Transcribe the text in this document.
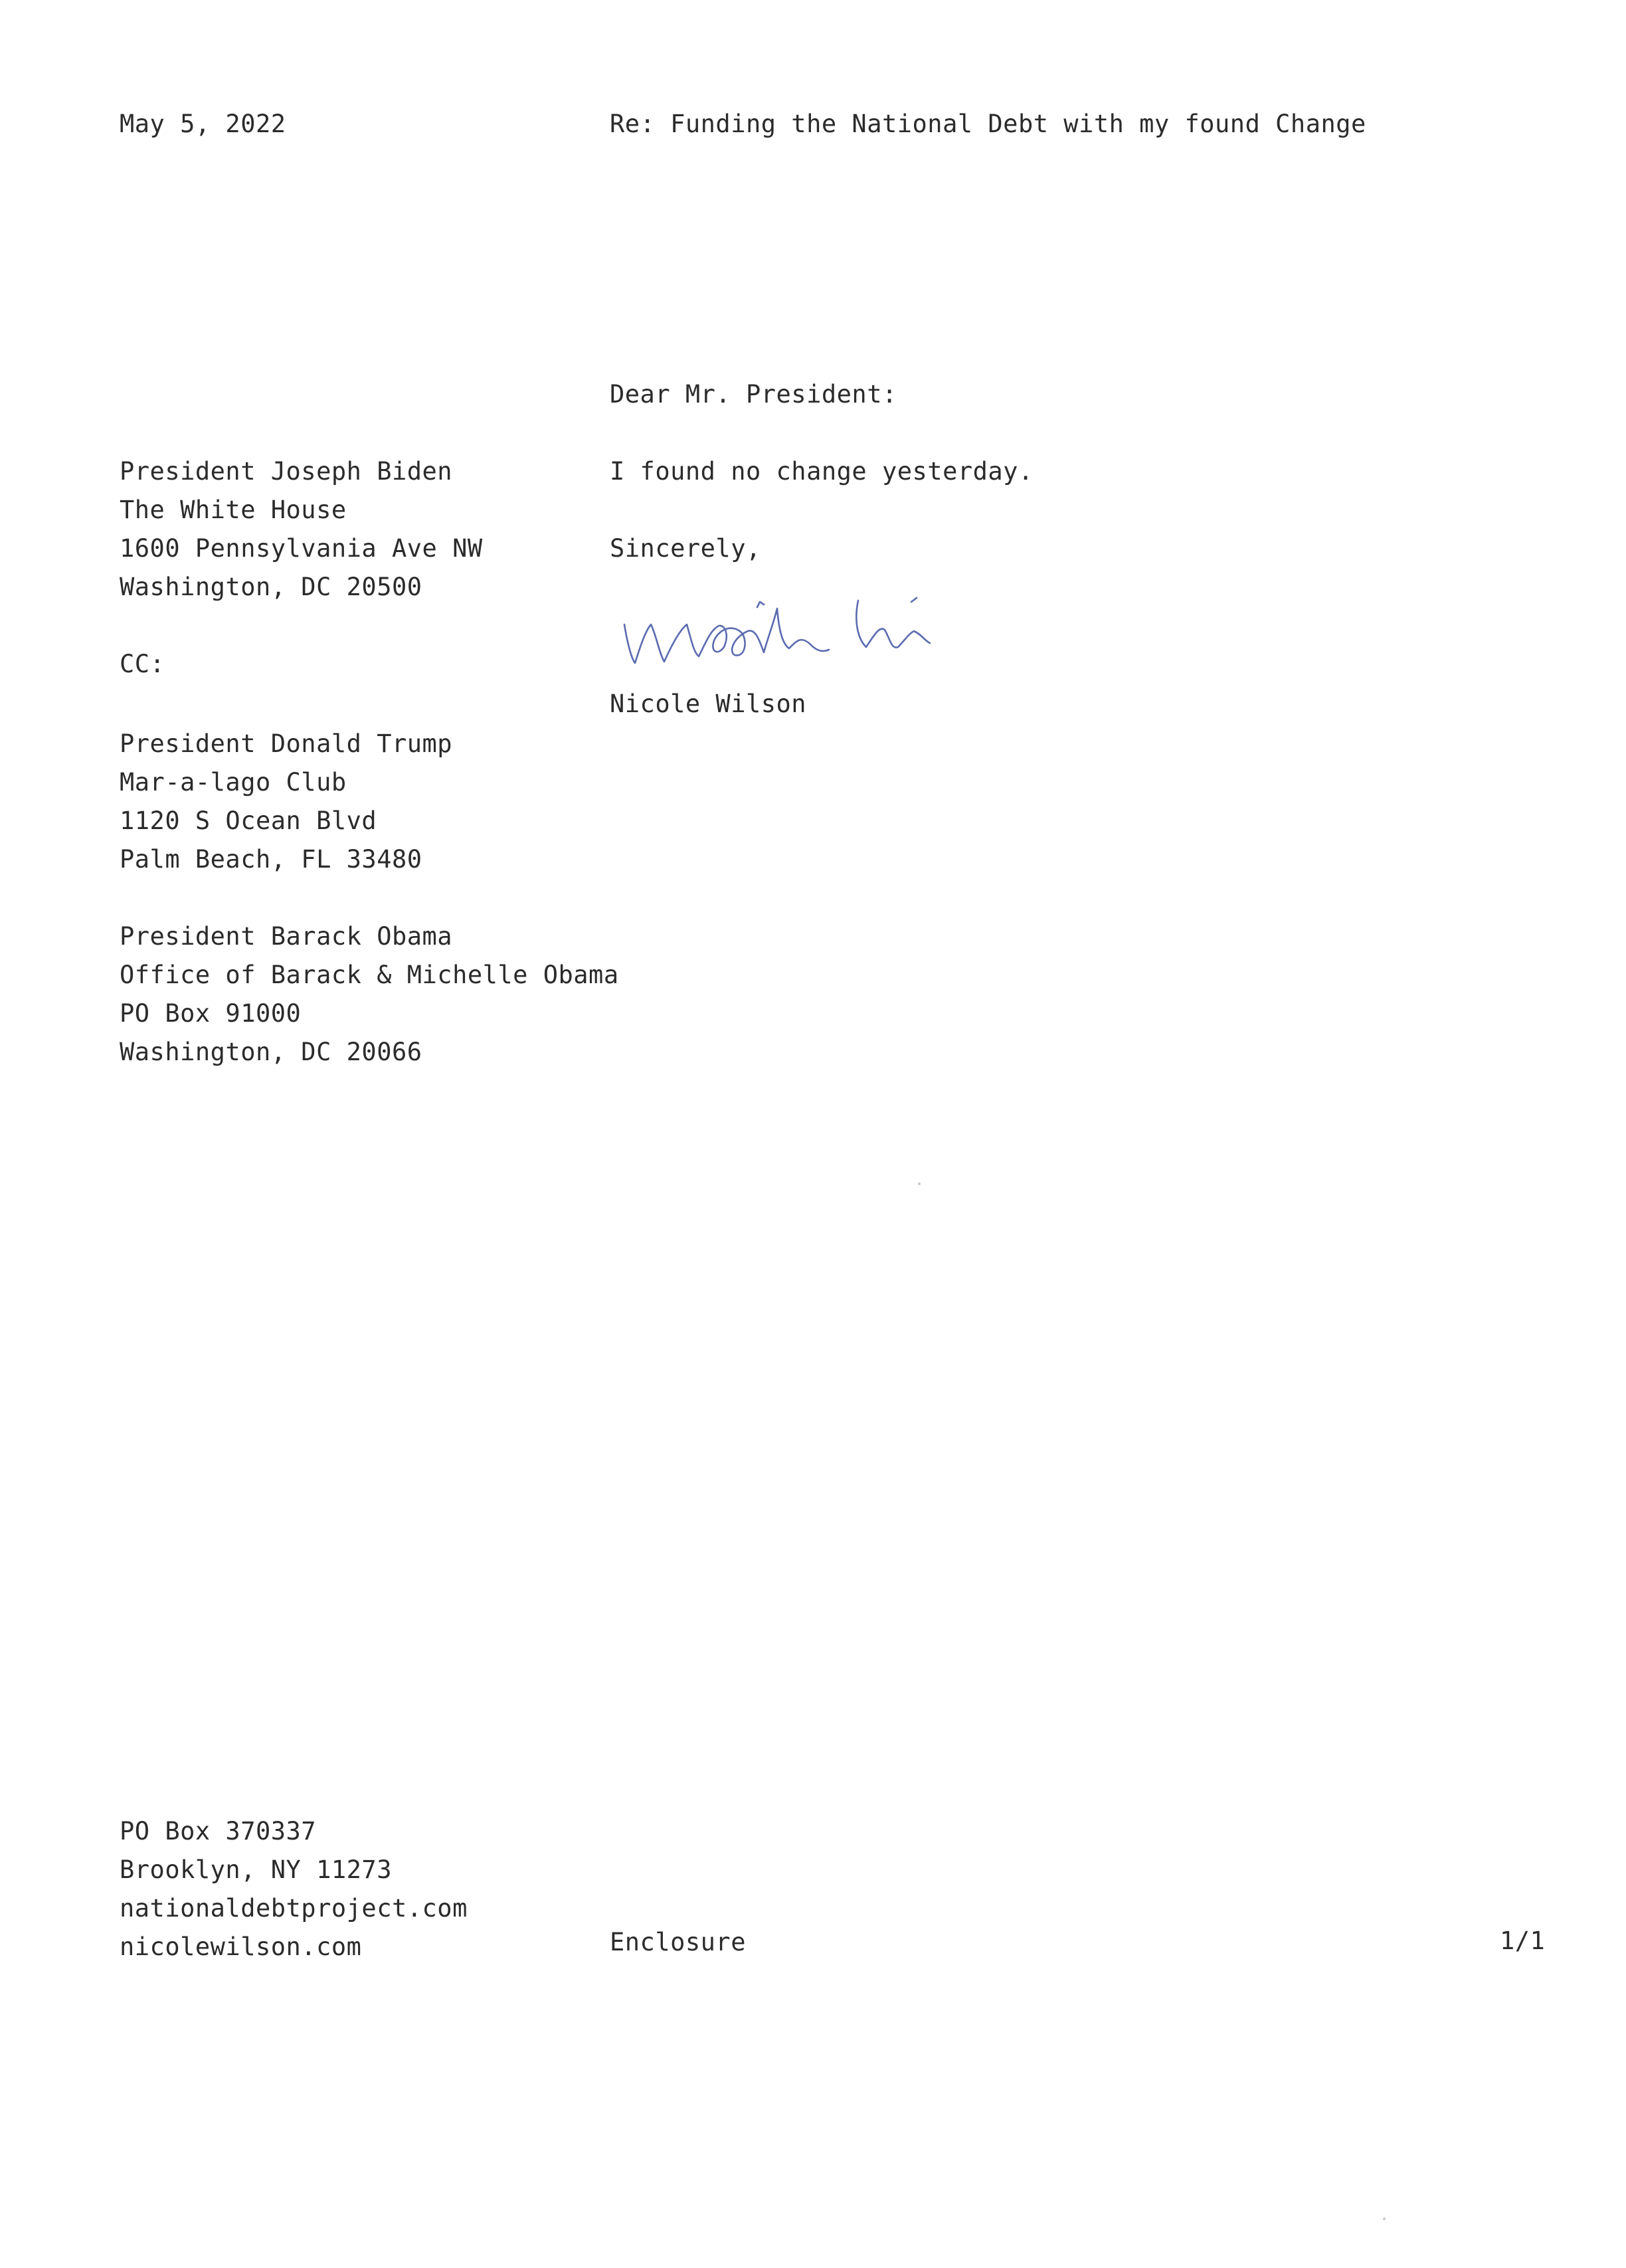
May 5, 2022	Re: Funding the National Debt with my found Change
Dear Mr. President:
President Joseph Biden
The White House
1600 Pennsylvania Ave NW
Washington, DC 20500
I found no change yesterday.
Sincerely,
Nicole Wilson
CC:
President Donald Trump
Mar-a-lago Club
1120 S Ocean Blvd
Palm Beach, FL 33480
President Barack Obama
Office of Barack & Michelle Obama
PO Box 91000
Washington, DC 20066
PO Box 370337
Brooklyn, NY 11273
nationaldebtproject.com
nicolewilson.com	Enclosure	1/1
